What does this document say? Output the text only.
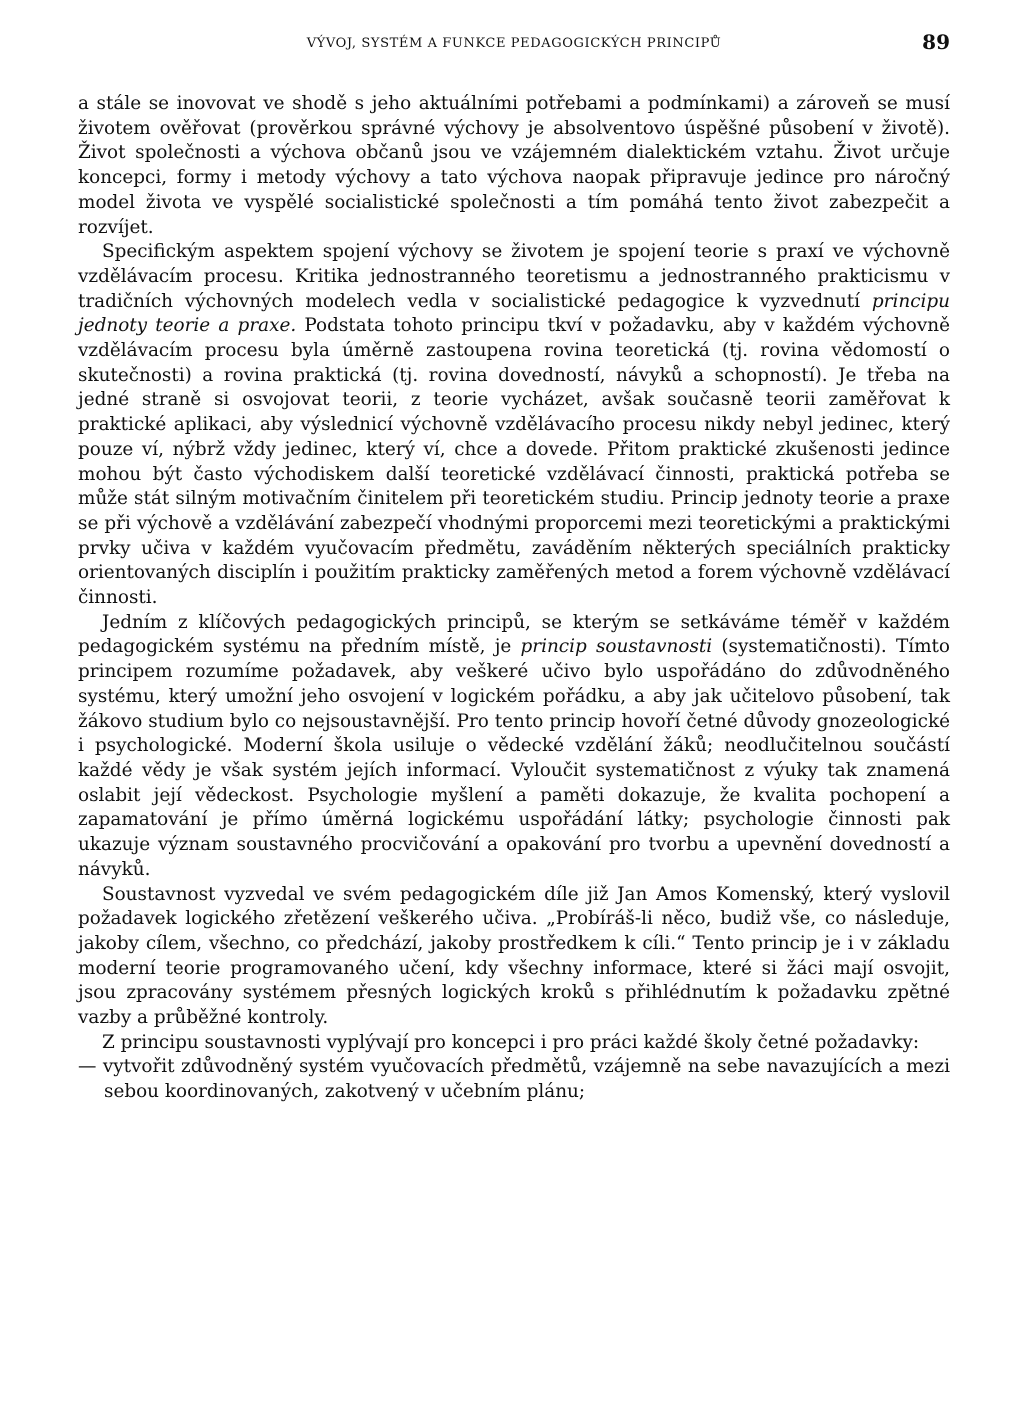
VÝVOJ, SYSTÉM A FUNKCE PEDAGOGICKÝCH PRINCIPŮ	89

a stále se inovovat ve shodě s jeho aktuálními potřebami a podmínkami) a zároveň se musí životem ověřovat (prověrkou správné výchovy je absolventovo úspěšné působení v životě). Život společnosti a výchova občanů jsou ve vzájemném dialektickém vztahu. Život určuje koncepci, formy i metody výchovy a tato výchova naopak připravuje jedince pro náročný model života ve vyspělé socialistické společnosti a tím pomáhá tento život zabezpečit a rozvíjet.

Specifickým aspektem spojení výchovy se životem je spojení teorie s praxí ve výchovně vzdělávacím procesu. Kritika jednostranného teoretismu a jednostranného prakticismu v tradičních výchovných modelech vedla v socialistické pedagogice k vyzvednutí principu jednoty teorie a praxe. Podstata tohoto principu tkví v požadavku, aby v každém výchovně vzdělávacím procesu byla úměrně zastoupena rovina teoretická (tj. rovina vědomostí o skutečnosti) a rovina praktická (tj. rovina dovedností, návyků a schopností). Je třeba na jedné straně si osvojovat teorii, z teorie vycházet, avšak současně teorii zaměřovat k praktické aplikaci, aby výslednicí výchovně vzdělávacího procesu nikdy nebyl jedinec, který pouze ví, nýbrž vždy jedinec, který ví, chce a dovede. Přitom praktické zkušenosti jedince mohou být často východiskem další teoretické vzdělávací činnosti, praktická potřeba se může stát silným motivačním činitelem při teoretickém studiu. Princip jednoty teorie a praxe se při výchově a vzdělávání zabezpečí vhodnými proporcemi mezi teoretickými a praktickými prvky učiva v každém vyučovacím předmětu, zaváděním některých speciálních prakticky orientovaných disciplín i použitím prakticky zaměřených metod a forem výchovně vzdělávací činnosti.

Jedním z klíčových pedagogických principů, se kterým se setkáváme téměř v každém pedagogickém systému na předním místě, je princip soustavnosti (systematičnosti). Tímto principem rozumíme požadavek, aby veškeré učivo bylo uspořádáno do zdůvodněného systému, který umožní jeho osvojení v logickém pořádku, a aby jak učitelovo působení, tak žákovo studium bylo co nejsoustavnější. Pro tento princip hovoří četné důvody gnozeologické i psychologické. Moderní škola usiluje o vědecké vzdělání žáků; neodlučitelnou součástí každé vědy je však systém jejích informací. Vyloučit systematičnost z výuky tak znamená oslabit její vědeckost. Psychologie myšlení a paměti dokazuje, že kvalita pochopení a zapamatování je přímo úměrná logickému uspořádání látky; psychologie činnosti pak ukazuje význam soustavného procvičování a opakování pro tvorbu a upevnění dovedností a návyků.

Soustavnost vyzvedal ve svém pedagogickém díle již Jan Amos Komenský, který vyslovil požadavek logického zřetězení veškerého učiva. „Probíráš-li něco, budiž vše, co následuje, jakoby cílem, všechno, co předchází, jakoby prostředkem k cíli.“ Tento princip je i v základu moderní teorie programovaného učení, kdy všechny informace, které si žáci mají osvojit, jsou zpracovány systémem přesných logických kroků s přihlédnutím k požadavku zpětné vazby a průběžné kontroly.

Z principu soustavnosti vyplývají pro koncepci i pro práci každé školy četné požadavky:

— vytvořit zdůvodněný systém vyučovacích předmětů, vzájemně na sebe navazujících a mezi sebou koordinovaných, zakotvený v učebním plánu;
